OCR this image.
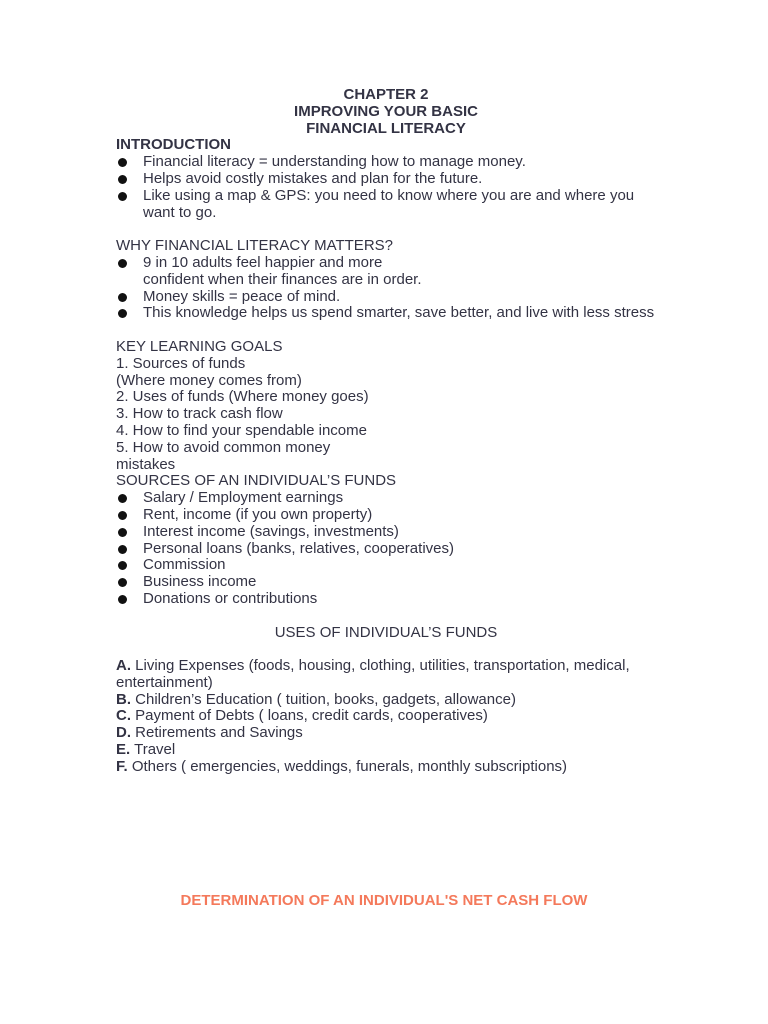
CHAPTER 2
IMPROVING YOUR BASIC
FINANCIAL LITERACY
INTRODUCTION
Financial literacy = understanding how to manage money.
Helps avoid costly mistakes and plan for the future.
Like using a map & GPS: you need to know where you are and where you want to go.
WHY FINANCIAL LITERACY MATTERS?
9 in 10 adults feel happier and more
confident when their finances are in order.
Money skills = peace of mind.
This knowledge helps us spend smarter, save better, and live with less stress
KEY LEARNING GOALS
1. Sources of funds
(Where money comes from)
2. Uses of funds (Where money goes)
3. How to track cash flow
4. How to find your spendable income
5. How to avoid common money
mistakes
SOURCES OF AN INDIVIDUAL’S FUNDS
Salary / Employment earnings
Rent, income (if you own property)
Interest income (savings, investments)
Personal loans (banks, relatives, cooperatives)
Commission
Business income
Donations or contributions
USES OF INDIVIDUAL’S FUNDS
A. Living Expenses (foods, housing, clothing, utilities, transportation, medical, entertainment)
B. Children’s Education ( tuition, books, gadgets, allowance)
C. Payment of Debts ( loans, credit cards, cooperatives)
D. Retirements and Savings
E. Travel
F. Others ( emergencies, weddings, funerals, monthly subscriptions)
DETERMINATION OF AN INDIVIDUAL'S NET CASH FLOW
